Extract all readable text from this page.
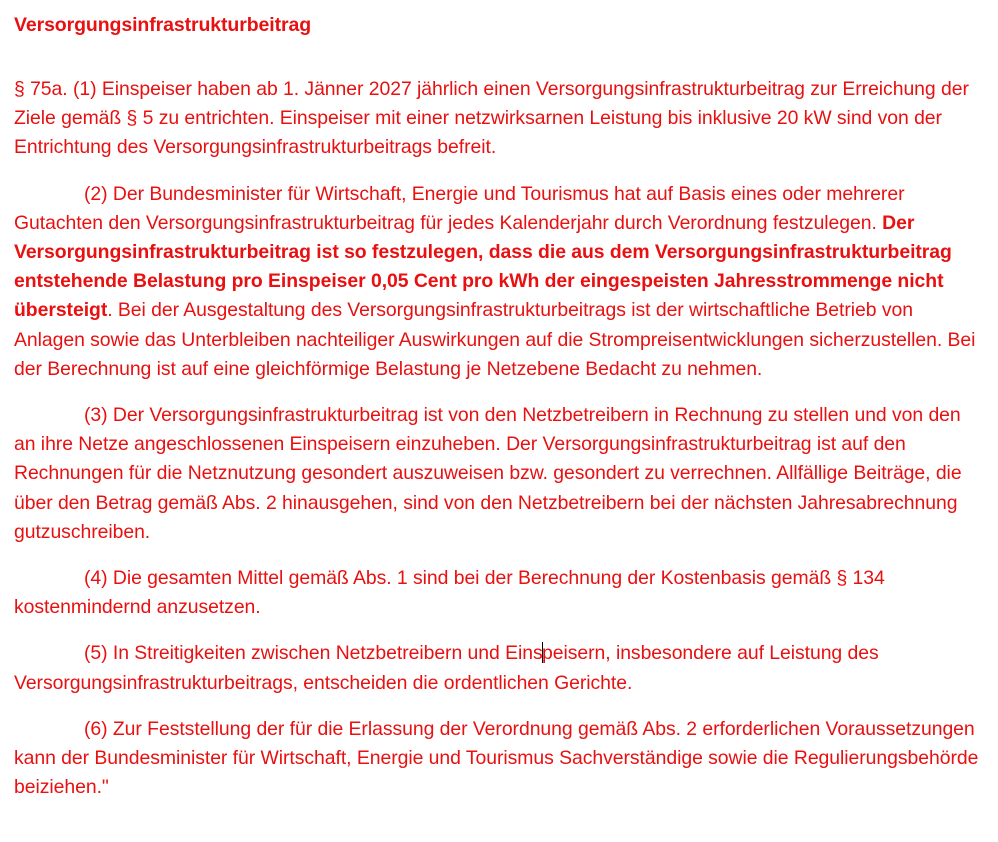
Versorgungsinfrastrukturbeitrag

§ 75a. (1) Einspeiser haben ab 1. Jänner 2027 jährlich einen Versorgungsinfrastrukturbeitrag zur Erreichung der Ziele gemäß § 5 zu entrichten. Einspeiser mit einer netzwirksarnen Leistung bis inklusive 20 kW sind von der Entrichtung des Versorgungsinfrastrukturbeitrags befreit.

(2) Der Bundesminister für Wirtschaft, Energie und Tourismus hat auf Basis eines oder mehrerer Gutachten den Versorgungsinfrastrukturbeitrag für jedes Kalenderjahr durch Verordnung festzulegen. Der Versorgungsinfrastrukturbeitrag ist so festzulegen, dass die aus dem Versorgungsinfrastrukturbeitrag entstehende Belastung pro Einspeiser 0,05 Cent pro kWh der eingespeisten Jahresstrommenge nicht übersteigt. Bei der Ausgestaltung des Versorgungsinfrastrukturbeitrags ist der wirtschaftliche Betrieb von Anlagen sowie das Unterbleiben nachteiliger Auswirkungen auf die Strompreisentwicklungen sicherzustellen. Bei der Berechnung ist auf eine gleichförmige Belastung je Netzebene Bedacht zu nehmen.

(3) Der Versorgungsinfrastrukturbeitrag ist von den Netzbetreibern in Rechnung zu stellen und von den an ihre Netze angeschlossenen Einspeisern einzuheben. Der Versorgungsinfrastrukturbeitrag ist auf den Rechnungen für die Netznutzung gesondert auszuweisen bzw. gesondert zu verrechnen. Allfällige Beiträge, die über den Betrag gemäß Abs. 2 hinausgehen, sind von den Netzbetreibern bei der nächsten Jahresabrechnung gutzuschreiben.

(4) Die gesamten Mittel gemäß Abs. 1 sind bei der Berechnung der Kostenbasis gemäß § 134 kostenmindernd anzusetzen.

(5) In Streitigkeiten zwischen Netzbetreibern und Einspeisern, insbesondere auf Leistung des Versorgungsinfrastrukturbeitrags, entscheiden die ordentlichen Gerichte.

(6) Zur Feststellung der für die Erlassung der Verordnung gemäß Abs. 2 erforderlichen Voraussetzungen kann der Bundesminister für Wirtschaft, Energie und Tourismus Sachverständige sowie die Regulierungsbehörde beiziehen."
